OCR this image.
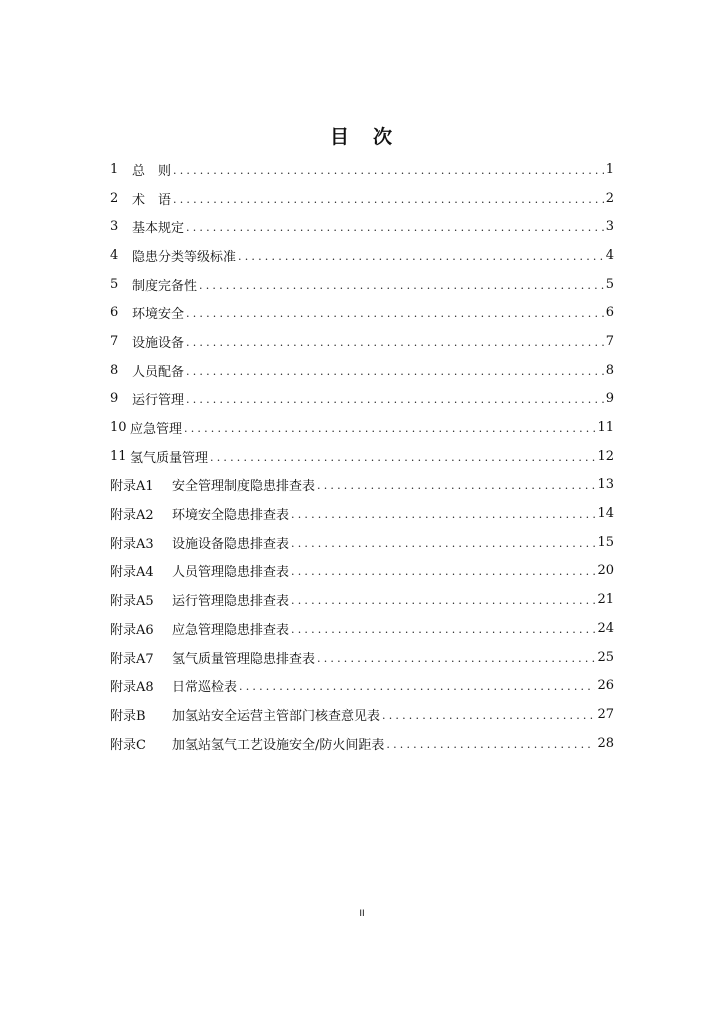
目 次
1	总　则 .....	1
2	术　语 .....	2
3	基本规定 .....	3
4	隐患分类等级标准 .....	4
5	制度完备性 .....	5
6	环境安全 .....	6
7	设施设备 .....	7
8	人员配备 .....	8
9	运行管理 .....	9
10 应急管理 .....	11
11 氢气质量管理 .....	12
附录A1	安全管理制度隐患排查表 .....	13
附录A2	环境安全隐患排查表 .....	14
附录A3	设施设备隐患排查表 .....	15
附录A4	人员管理隐患排查表 .....	20
附录A5	运行管理隐患排查表 .....	21
附录A6	应急管理隐患排查表 .....	24
附录A7	氢气质量管理隐患排查表 .....	25
附录A8	日常巡检表 .....	26
附录B	加氢站安全运营主管部门核查意见表 .....	27
附录C	加氢站氢气工艺设施安全/防火间距表 .....	28
II
